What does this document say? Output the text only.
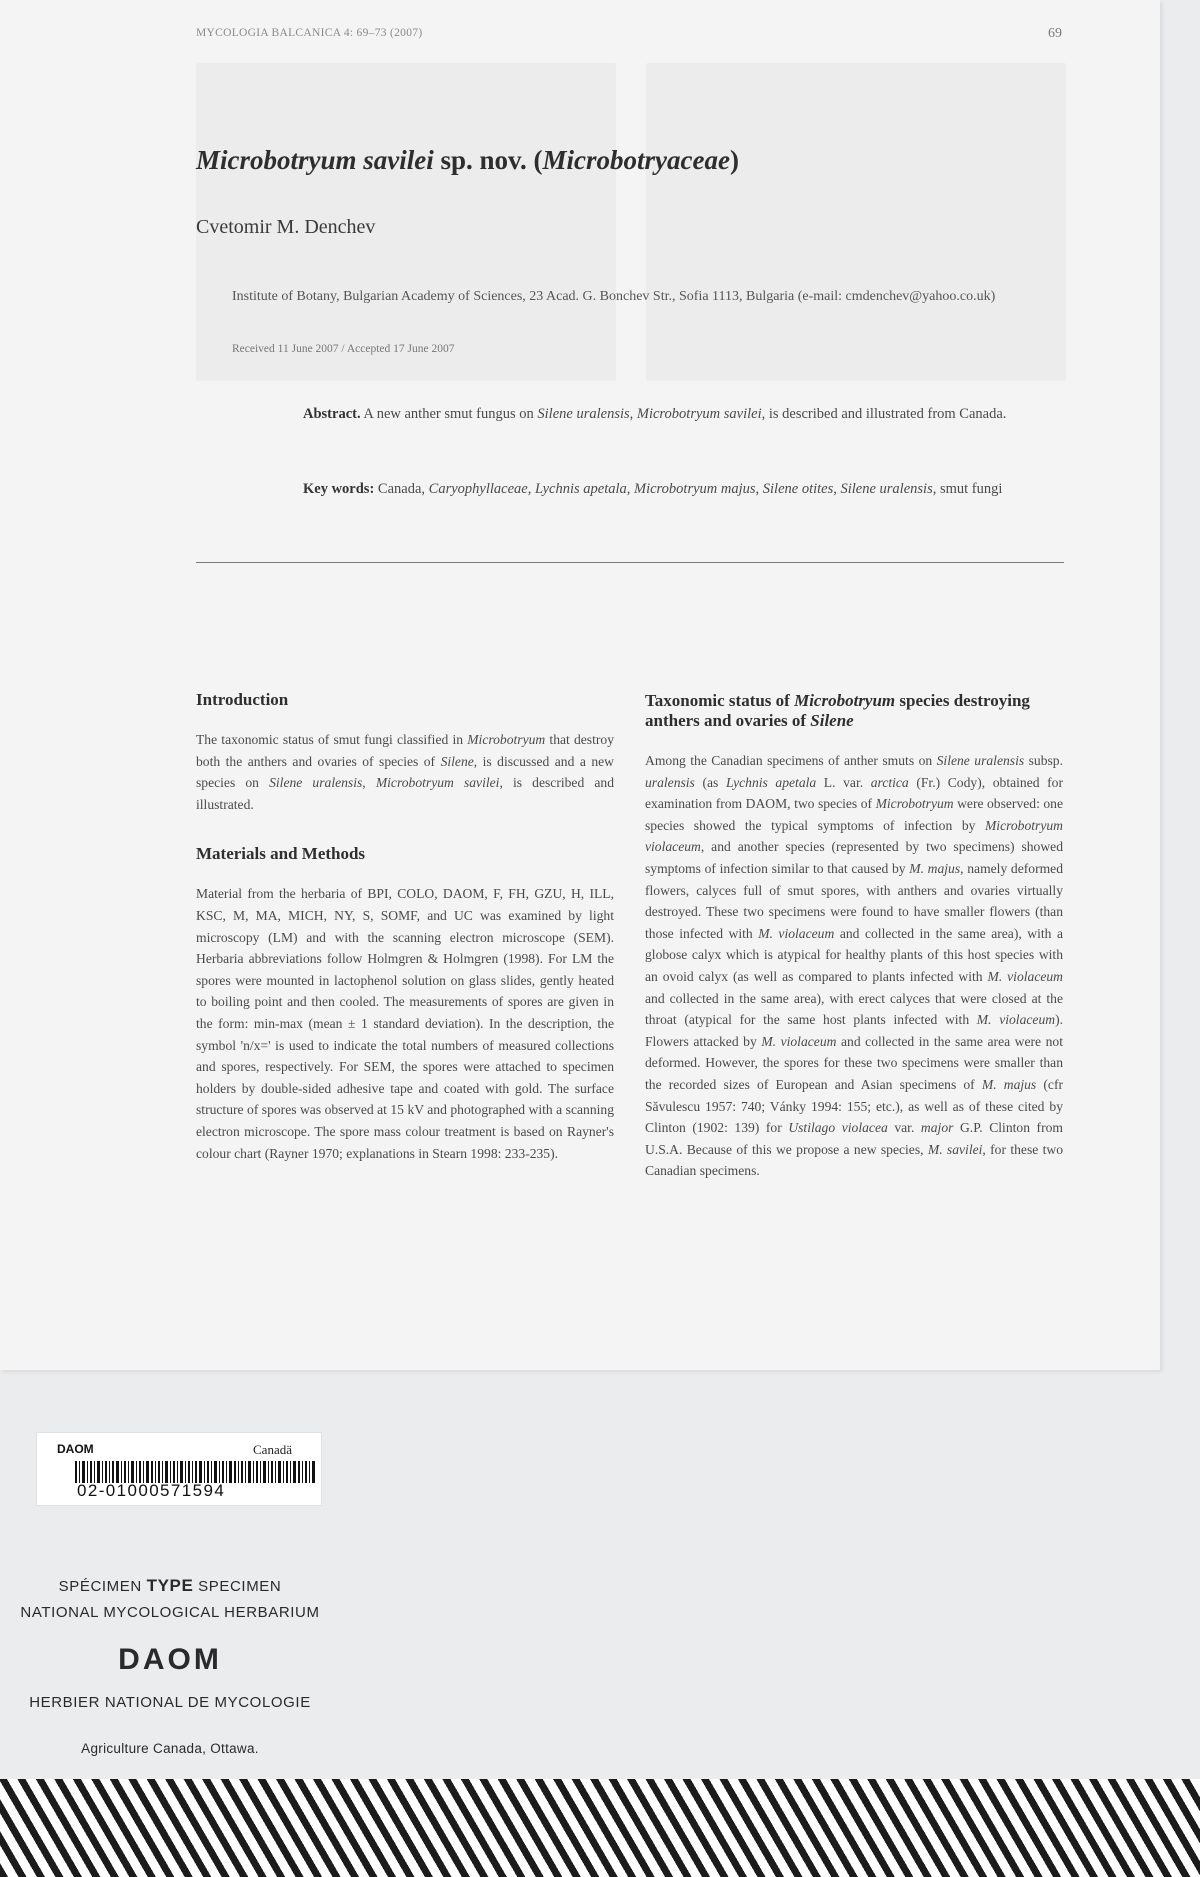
MYCOLOGIA BALCANICA 4: 69–73 (2007)	69
Microbotryum savilei sp. nov. (Microbotryaceae)

Cvetomir M. Denchev

Institute of Botany, Bulgarian Academy of Sciences, 23 Acad. G. Bonchev Str., Sofia 1113, Bulgaria (e-mail: cmdenchev@yahoo.co.uk)
Received 11 June 2007 / Accepted 17 June 2007
Abstract. A new anther smut fungus on Silene uralensis, Microbotryum savilei, is described and illustrated from Canada.
Key words: Canada, Caryophyllaceae, Lychnis apetala, Microbotryum majus, Silene otites, Silene uralensis, smut fungi
Introduction

The taxonomic status of smut fungi classified in Microbotryum that destroy both the anthers and ovaries of species of Silene, is discussed and a new species on Silene uralensis, Microbotryum savilei, is described and illustrated.

Materials and Methods

Material from the herbaria of BPI, COLO, DAOM, F, FH, GZU, H, ILL, KSC, M, MA, MICH, NY, S, SOMF, and UC was examined by light microscopy (LM) and with the scanning electron microscope (SEM). Herbaria abbreviations follow Holmgren & Holmgren (1998). For LM the spores were mounted in lactophenol solution on glass slides, gently heated to boiling point and then cooled. The measurements of spores are given in the form: min-max (mean ± 1 standard deviation). In the description, the symbol 'n/x=' is used to indicate the total numbers of measured collections and spores, respectively. For SEM, the spores were attached to specimen holders by double-sided adhesive tape and coated with gold. The surface structure of spores was observed at 15 kV and photographed with a scanning electron microscope. The spore mass colour treatment is based on Rayner's colour chart (Rayner 1970; explanations in Stearn 1998: 233-235).

Taxonomic status of Microbotryum species destroying anthers and ovaries of Silene

Among the Canadian specimens of anther smuts on Silene uralensis subsp. uralensis (as Lychnis apetala L. var. arctica (Fr.) Cody), obtained for examination from DAOM, two species of Microbotryum were observed: one species showed the typical symptoms of infection by Microbotryum violaceum, and another species (represented by two specimens) showed symptoms of infection similar to that caused by M. majus, namely deformed flowers, calyces full of smut spores, with anthers and ovaries virtually destroyed. These two specimens were found to have smaller flowers (than those infected with M. violaceum and collected in the same area), with a globose calyx which is atypical for healthy plants of this host species with an ovoid calyx (as well as compared to plants infected with M. violaceum and collected in the same area), with erect calyces that were closed at the throat (atypical for the same host plants infected with M. violaceum). Flowers attacked by M. violaceum and collected in the same area were not deformed. However, the spores for these two specimens were smaller than the recorded sizes of European and Asian specimens of M. majus (cfr Săvulescu 1957: 740; Vánky 1994: 155; etc.), as well as of these cited by Clinton (1902: 139) for Ustilago violacea var. major G.P. Clinton from U.S.A. Because of this we propose a new species, M. savilei, for these two Canadian specimens.

DAOM	Canadä
02-01000571594
SPÉCIMEN TYPE SPECIMEN
NATIONAL MYCOLOGICAL HERBARIUM
DAOM
HERBIER NATIONAL DE MYCOLOGIE
Agriculture Canada, Ottawa.
